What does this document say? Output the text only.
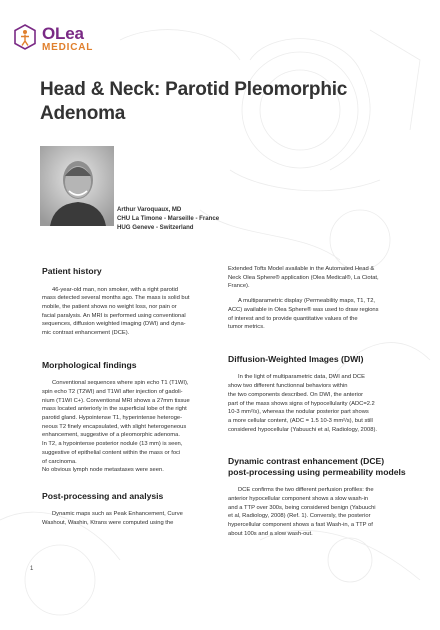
OLea
MEDICAL
Head & Neck: Parotid Pleomorphic Adenoma
Arthur Varoquaux, MD
CHU La Timone - Marseille - France
HUG Geneve - Switzerland
Patient history

46-year-old man, non smoker, with a right parotid

mass detected several months ago. The mass is solid but

mobile, the patient shows no weight loss, nor pain or

facial paralysis. An MRI is performed using conventional

sequences, diffusion weighted imaging (DWI) and dyna-

mic contrast enhancement (DCE).

Morphological findings

Conventional sequences where spin echo T1 (T1WI),

spin echo T2 (T2WI) and T1WI after injection of gadoli-

nium (T1WI C+). Conventional MRI shows a 27mm tissue

mass located anteriorly in the superficial lobe of the right

parotid gland. Hypointense T1, hyperintense heteroge-

neous T2 finely encapsulated, with slight heterogeneous

enhancement, suggestive of a pleomorphic adenoma.

In T2, a hypointense posterior nodule (13 mm) is seen,

suggestive of epithelial content within the mass or foci

of carcinoma.

No obvious lymph node metastases were seen.

Post-processing and analysis

Dynamic maps such as Peak Enhancement, Curve

Washout, Washin, Ktrans were computed using the

Extended Tofts Model available in the Automated Head &

Neck Olea Sphere® application (Olea Medical®, La Ciotat,

France).

A multiparametric display (Permeability maps, T1, T2,

ACC) available in Olea Sphere® was used to draw regions

of interest and to provide quantitative values of the

tumor metrics.

Diffusion-Weighted Images (DWI)

In the light of multiparametric data, DWI and DCE

show two different functionnal behaviors within

the two components described. On DWI, the anterior

part of the mass shows signs of hypocellularity (ADC=2.2

10-3 mm²/s), whereas the nodular posterior part shows

a more cellular content, (ADC = 1.5 10-3 mm²/s), but still

considered hypocellular (Yabuuchi et al, Radiology, 2008).

Dynamic contrast enhancement (DCE)
post-processing using permeability models

DCE confirms the two different perfusion profiles: the

anterior hypocellular component shows a slow wash-in

and a TTP over 300s, being considered benign (Yabuuchi

et al, Radiology, 2008) (Ref. 1). Conversly, the posterior

hypercellular component shows a fast Wash-in, a TTP of

about 100s and a slow wash-out.

1
